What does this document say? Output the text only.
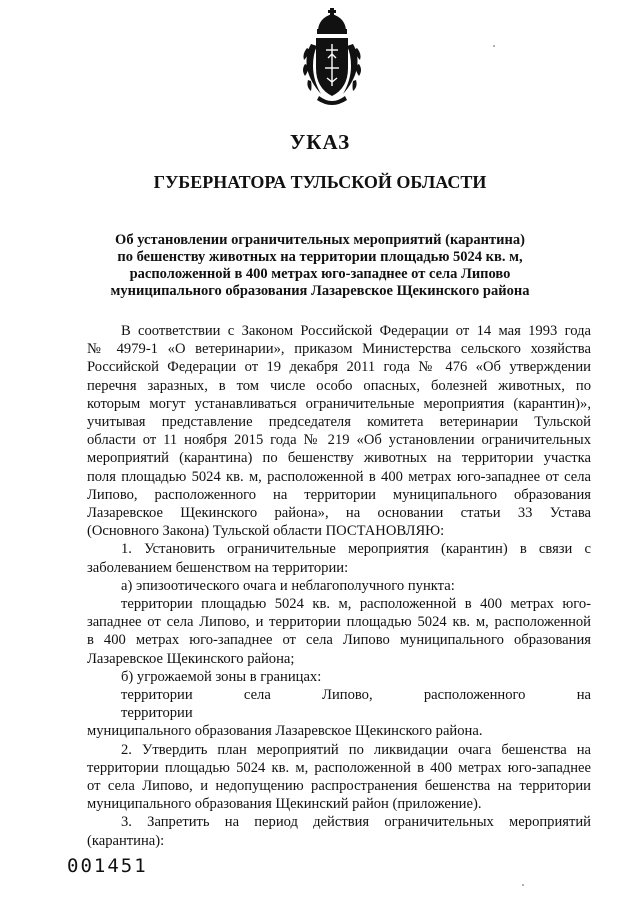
УКАЗ
ГУБЕРНАТОРА ТУЛЬСКОЙ ОБЛАСТИ
Об установлении ограничительных мероприятий (карантина)
по бешенству животных на территории площадью 5024 кв. м,
расположенной в 400 метрах юго-западнее от села Липово
муниципального образования Лазаревское Щекинского района
В соответствии с Законом Российской Федерации от 14 мая 1993 года
№ 4979-1 «О ветеринарии», приказом Министерства сельского хозяйства
Российской Федерации от 19 декабря 2011 года № 476 «Об утверждении
перечня заразных, в том числе особо опасных, болезней животных, по
которым могут устанавливаться ограничительные мероприятия (карантин)»,
учитывая представление председателя комитета ветеринарии Тульской
области от 11 ноября 2015 года № 219 «Об установлении ограничительных
мероприятий (карантина) по бешенству животных на территории участка
поля площадью 5024 кв. м, расположенной в 400 метрах юго-западнее от села
Липово, расположенного на территории муниципального образования
Лазаревское Щекинского района», на основании статьи 33 Устава
(Основного Закона) Тульской области ПОСТАНОВЛЯЮ:
1. Установить ограничительные мероприятия (карантин) в связи с
заболеванием бешенством на территории:
а) эпизоотического очага и неблагополучного пункта:
территории площадью 5024 кв. м, расположенной в 400 метрах юго-
западнее от села Липово, и территории площадью 5024 кв. м, расположенной
в 400 метрах юго-западнее от села Липово муниципального образования
Лазаревское Щекинского района;
б) угрожаемой зоны в границах:
территории села Липово, расположенного на территории
муниципального образования Лазаревское Щекинского района.
2. Утвердить план мероприятий по ликвидации очага бешенства на
территории площадью 5024 кв. м, расположенной в 400 метрах юго-западнее
от села Липово, и недопущению распространения бешенства на территории
муниципального образования Щекинский район (приложение).
3. Запретить на период действия ограничительных мероприятий
(карантина):
001451
